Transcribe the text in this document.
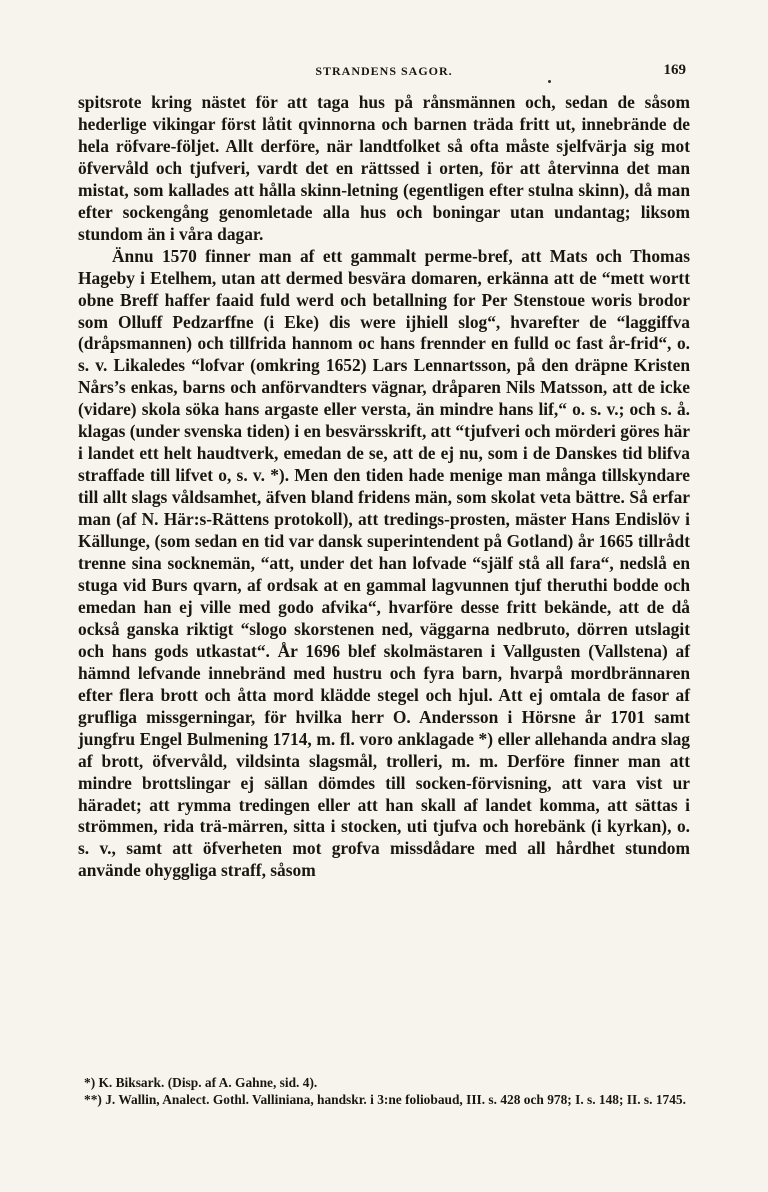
STRANDENS SAGOR.	169

spitsrote kring nästet för att taga hus på rånsmännen och, sedan de såsom hederlige vikingar först låtit qvinnorna och barnen träda fritt ut, innebrände de hela röfvare-följet. Allt derföre, när landtfolket så ofta måste sjelfvärja sig mot öfvervåld och tjufveri, vardt det en rättssed i orten, för att återvinna det man mistat, som kallades att hålla skinn-letning (egentligen efter stulna skinn), då man efter sockengång genomletade alla hus och boningar utan undantag; liksom stundom än i våra dagar.

Ännu 1570 finner man af ett gammalt perme-bref, att Mats och Thomas Hageby i Etelhem, utan att dermed besvära domaren, erkänna att de “mett wortt obne Breff haffer faaid fuld werd och betallning for Per Stenstoue woris brodor som Olluff Pedzarffne (i Eke) dis were ijhiell slog“, hvarefter de “laggiffva (dråpsmannen) och tillfrida hannom oc hans frennder en fulld oc fast år-frid“, o. s. v. Likaledes “lofvar (omkring 1652) Lars Lennartsson, på den dräpne Kristen Nårs’s enkas, barns och anförvandters vägnar, dråparen Nils Matsson, att de icke (vidare) skola söka hans argaste eller versta, än mindre hans lif,“ o. s. v.; och s. å. klagas (under svenska tiden) i en besvärsskrift, att “tjufveri och mörderi göres här i landet ett helt haudtverk, emedan de se, att de ej nu, som i de Danskes tid blifva straffade till lifvet o, s. v. *). Men den tiden hade menige man många tillskyndare till allt slags våldsamhet, äfven bland fridens män, som skolat veta bättre. Så erfar man (af N. Här:s-Rättens protokoll), att tredings-prosten, mäster Hans Endislöv i Källunge, (som sedan en tid var dansk superintendent på Gotland) år 1665 tillrådt trenne sina socknemän, “att, under det han lofvade “själf stå all fara“, nedslå en stuga vid Burs qvarn, af ordsak at en gammal lagvunnen tjuf theruthi bodde och emedan han ej ville med godo afvika“, hvarföre desse fritt bekände, att de då också ganska riktigt “slogo skorstenen ned, väggarna nedbruto, dörren utslagit och hans gods utkastat“. År 1696 blef skolmästaren i Vallgusten (Vallstena) af hämnd lefvande innebränd med hustru och fyra barn, hvarpå mordbrännaren efter flera brott och åtta mord klädde stegel och hjul. Att ej omtala de fasor af grufliga missgerningar, för hvilka herr O. Andersson i Hörsne år 1701 samt jungfru Engel Bulmening 1714, m. fl. voro anklagade *) eller allehanda andra slag af brott, öfvervåld, vildsinta slagsmål, trolleri, m. m. Derföre finner man att mindre brottslingar ej sällan dömdes till socken-förvisning, att vara vist ur häradet; att rymma tredingen eller att han skall af landet komma, att sättas i strömmen, rida trä-märren, sitta i stocken, uti tjufva och horebänk (i kyrkan), o. s. v., samt att öfverheten mot grofva missdådare med all hårdhet stundom använde ohyggliga straff, såsom

*) K. Biksark. (Disp. af A. Gahne, sid. 4).

**) J. Wallin, Analect. Gothl. Valliniana, handskr. i 3:ne foliobaud, III. s. 428 och 978; I. s. 148; II. s. 1745.
